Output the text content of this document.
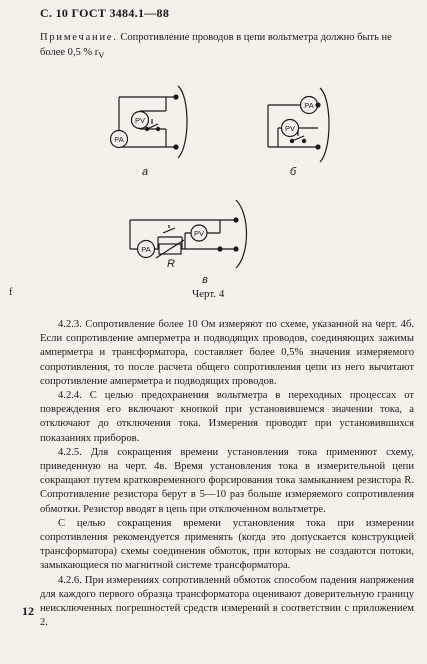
С. 10 ГОСТ 3484.1—88
Примечание. Сопротивление проводов в цепи вольтметра должно быть не более 0,5 % $r_V$
PV
PA
PA
PV
PV
PA
а	б
R
в
Черт. 4
f

4.2.3. Сопротивление более 10 Ом измеряют по схеме, указанной на черт. 4б. Если сопротивление амперметра и подводящих проводов, соединяющих зажимы амперметра и трансформатора, составляет более 0,5% значения измеряемого сопротивления, то после расчета общего сопротивления цепи из него вычитают сопротивление амперметра и подводящих проводов.

4.2.4. С целью предохранения вольтметра в переходных процессах от повреждения его включают кнопкой при установившемся значении тока, а отключают до отключения тока. Измерения проводят при установившихся показаниях приборов.

4.2.5. Для сокращения времени установления тока применяют схему, приведенную на черт. 4в. Время установления тока в измерительной цепи сокращают путем кратковременного форсирования тока замыканием резистора R. Сопротивление резистора берут в 5—10 раз больше измеряемого сопротивления обмотки. Резистор вводят в цепь при отключенном вольтметре.

С целью сокращения времени установления тока при измерении сопротивления рекомендуется применять (когда это допускается конструкцией трансформатора) схемы соединения обмоток, при которых не создаются потоки, замыкающиеся по магнитной системе трансформатора.

4.2.6. При измерениях сопротивлений обмоток способом падения напряжения для каждого первого образца трансформатора оценивают доверительную границу неисключенных погрешностей средств измерений в соответствии с приложением 2.

12
